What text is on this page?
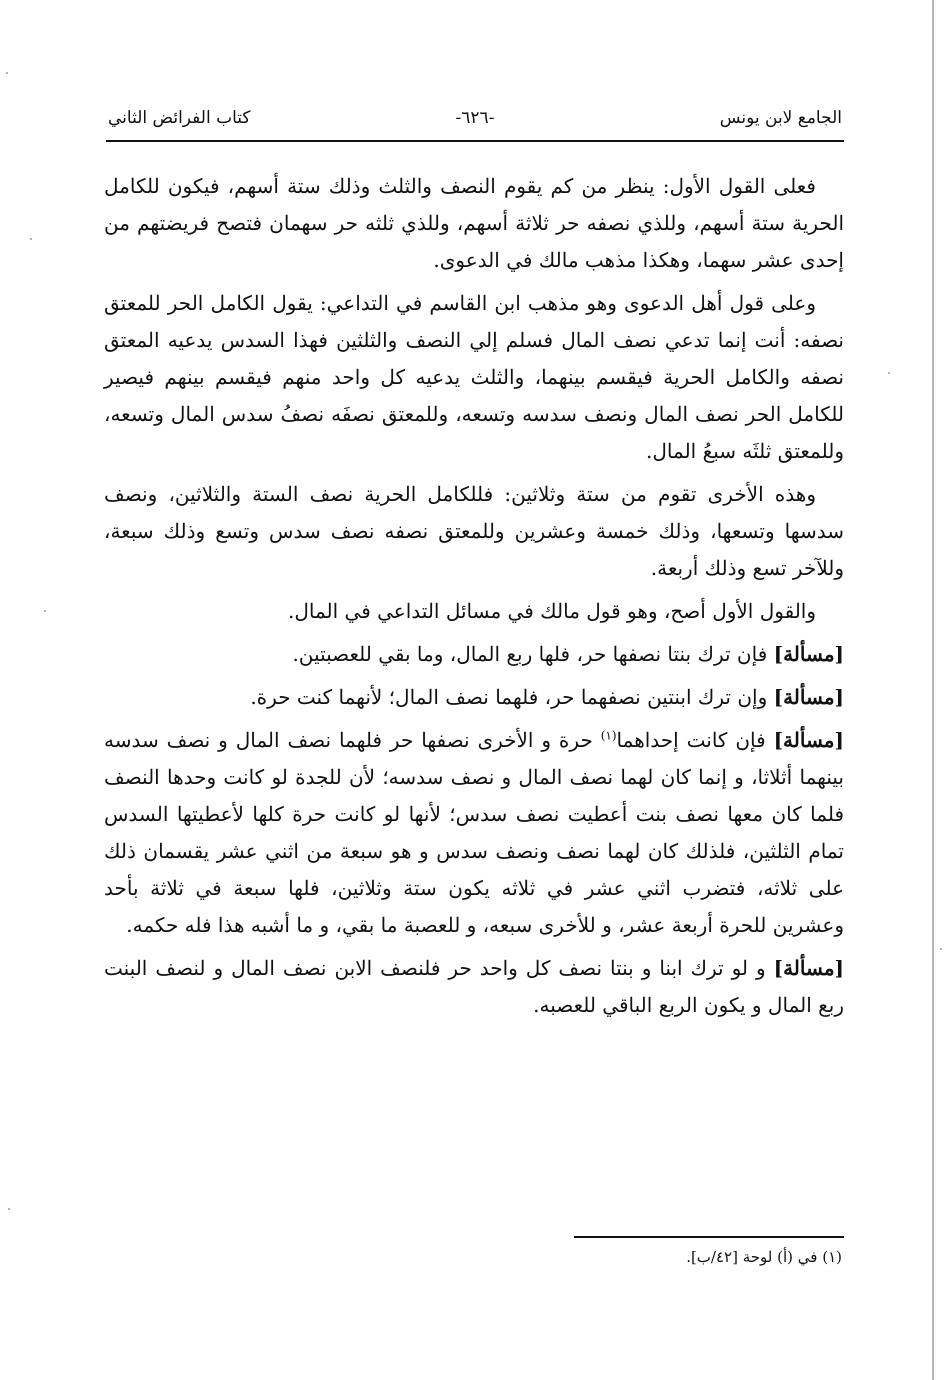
الجامع لابن يونس
-٦٢٦-
كتاب الفرائض الثاني

فعلى القول الأول: ينظر من كم يقوم النصف والثلث وذلك ستة أسهم، فيكون للكامل الحرية ستة أسهم، وللذي نصفه حر ثلاثة أسهم، وللذي ثلثه حر سهمان فتصح فريضتهم من إحدى عشر سهما، وهكذا مذهب مالك في الدعوى.

وعلى قول أهل الدعوى وهو مذهب ابن القاسم في التداعي: يقول الكامل الحر للمعتق نصفه: أنت إنما تدعي نصف المال فسلم إلي النصف والثلثين فهذا السدس يدعيه المعتق نصفه والكامل الحرية فيقسم بينهما، والثلث يدعيه كل واحد منهم فيقسم بينهم فيصير للكامل الحر نصف المال ونصف سدسه وتسعه، وللمعتق نصفَه نصفُ سدس المال وتسعه، وللمعتق ثلثَه سبعُ المال.

وهذه الأخرى تقوم من ستة وثلاثين: فللكامل الحرية نصف الستة والثلاثين، ونصف سدسها وتسعها، وذلك خمسة وعشرين وللمعتق نصفه نصف سدس وتسع وذلك سبعة، وللآخر تسع وذلك أربعة.

والقول الأول أصح، وهو قول مالك في مسائل التداعي في المال.

[مسألة] فإن ترك بنتا نصفها حر، فلها ربع المال، وما بقي للعصبتين.

[مسألة] وإن ترك ابنتين نصفهما حر، فلهما نصف المال؛ لأنهما كنت حرة.

[مسألة] فإن كانت إحداهما$^{(١)}$ حرة و الأخرى نصفها حر فلهما نصف المال و نصف سدسه بينهما أثلاثا، و إنما كان لهما نصف المال و نصف سدسه؛ لأن للجدة لو كانت وحدها النصف فلما كان معها نصف بنت أعطيت نصف سدس؛ لأنها لو كانت حرة كلها لأعطيتها السدس تمام الثلثين، فلذلك كان لهما نصف ونصف سدس و هو سبعة من اثني عشر يقسمان ذلك على ثلاثه، فتضرب اثني عشر في ثلاثه يكون ستة وثلاثين، فلها سبعة في ثلاثة بأحد وعشرين للحرة أربعة عشر، و للأخرى سبعه، و للعصبة ما بقي، و ما أشبه هذا فله حكمه.

[مسألة] و لو ترك ابنا و بنتا نصف كل واحد حر فلنصف الابن نصف المال و لنصف البنت ربع المال و يكون الربع الباقي للعصبه.

(١) في (أ) لوحة [٤٢/ب].
